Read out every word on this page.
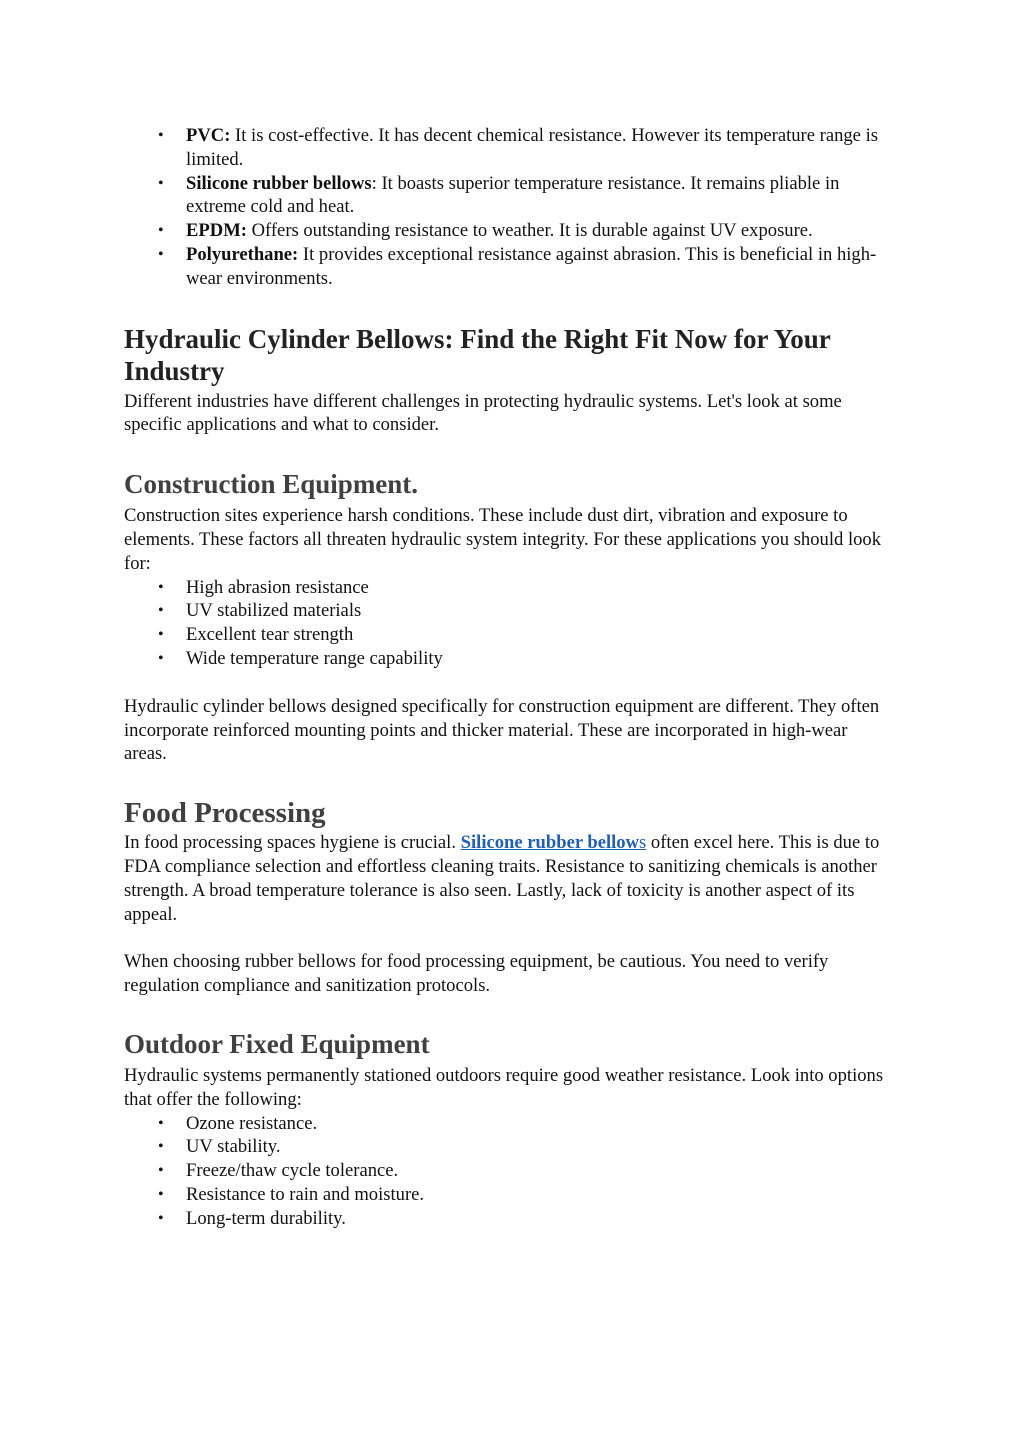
• PVC: It is cost-effective. It has decent chemical resistance. However its temperature range is limited.
• Silicone rubber bellows: It boasts superior temperature resistance. It remains pliable in extreme cold and heat.
• EPDM: Offers outstanding resistance to weather. It is durable against UV exposure.
• Polyurethane: It provides exceptional resistance against abrasion. This is beneficial in high-wear environments.
Hydraulic Cylinder Bellows: Find the Right Fit Now for Your Industry

Different industries have different challenges in protecting hydraulic systems. Let's look at some specific applications and what to consider.

Construction Equipment.

Construction sites experience harsh conditions. These include dust dirt, vibration and exposure to elements. These factors all threaten hydraulic system integrity. For these applications you should look for:

• High abrasion resistance
• UV stabilized materials
• Excellent tear strength
• Wide temperature range capability

Hydraulic cylinder bellows designed specifically for construction equipment are different. They often incorporate reinforced mounting points and thicker material. These are incorporated in high-wear areas.

Food Processing

In food processing spaces hygiene is crucial. Silicone rubber bellows often excel here. This is due to FDA compliance selection and effortless cleaning traits. Resistance to sanitizing chemicals is another strength. A broad temperature tolerance is also seen. Lastly, lack of toxicity is another aspect of its appeal.

When choosing rubber bellows for food processing equipment, be cautious. You need to verify regulation compliance and sanitization protocols.

Outdoor Fixed Equipment

Hydraulic systems permanently stationed outdoors require good weather resistance. Look into options that offer the following:

• Ozone resistance.
• UV stability.
• Freeze/thaw cycle tolerance.
• Resistance to rain and moisture.
• Long-term durability.
